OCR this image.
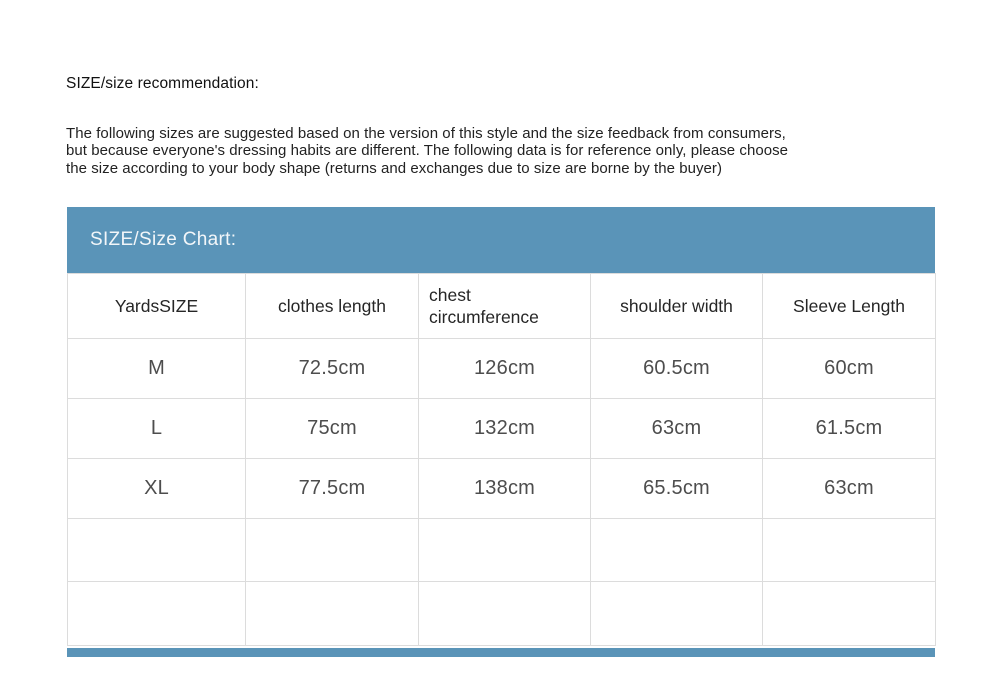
SIZE/size recommendation:
The following sizes are suggested based on the version of this style and the size feedback from consumers,
but because everyone's dressing habits are different. The following data is for reference only, please choose
the size according to your body shape (returns and exchanges due to size are borne by the buyer)
SIZE/Size Chart:
YardsSIZE	clothes length	chest circumference	shoulder width	Sleeve Length
M	72.5cm	126cm	60.5cm	60cm
L	75cm	132cm	63cm	61.5cm
XL	77.5cm	138cm	65.5cm	63cm
